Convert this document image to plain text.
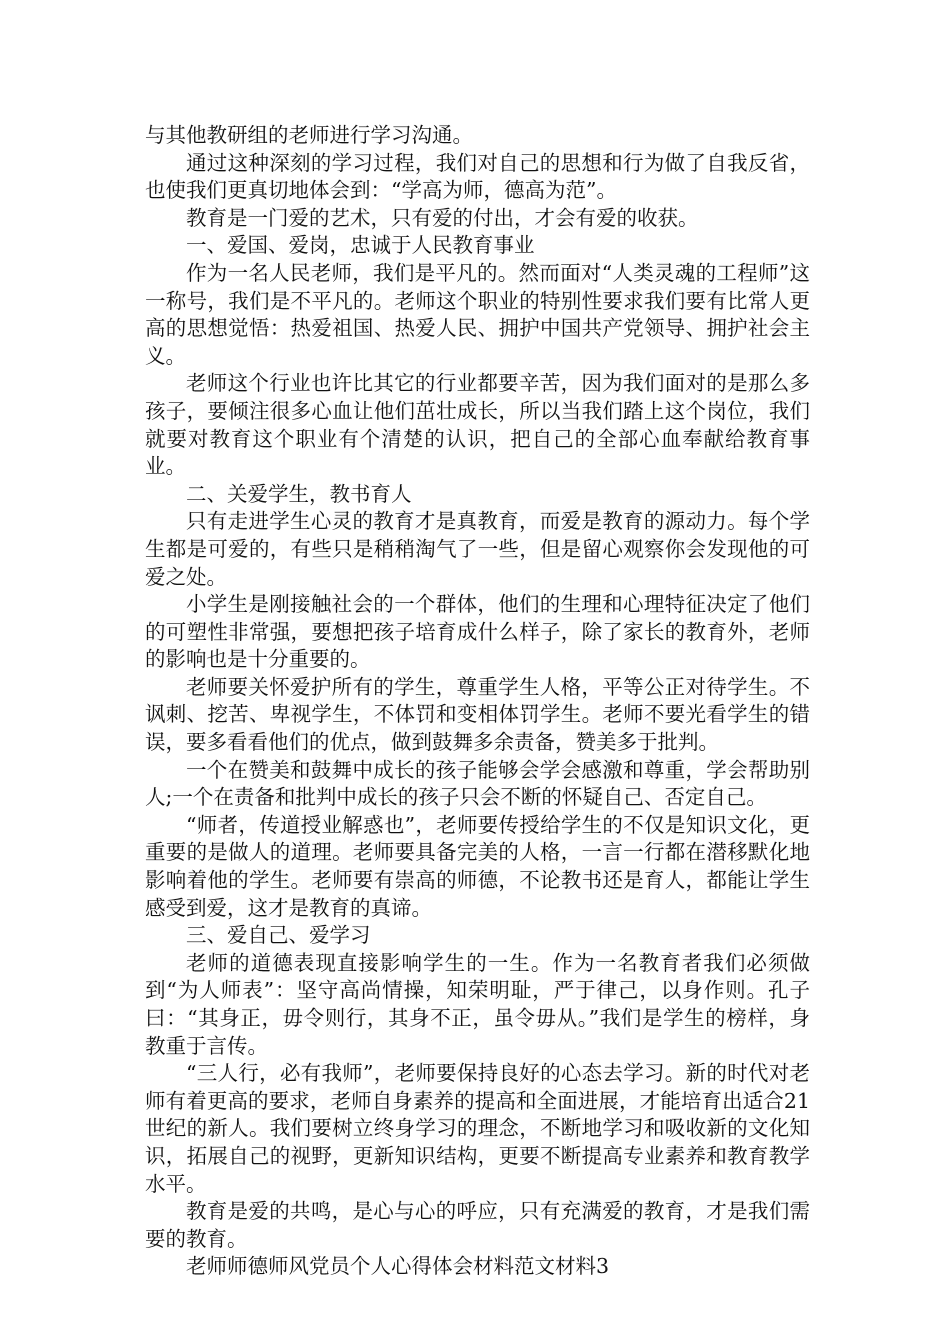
与其他教研组的老师进行学习沟通。

通过这种深刻的学习过程，我们对自己的思想和行为做了自我反省，也使我们更真切地体会到：“学高为师，德高为范”。

教育是一门爱的艺术，只有爱的付出，才会有爱的收获。

一、爱国、爱岗，忠诚于人民教育事业

作为一名人民老师，我们是平凡的。然而面对“人类灵魂的工程师”这一称号，我们是不平凡的。老师这个职业的特别性要求我们要有比常人更高的思想觉悟：热爱祖国、热爱人民、拥护中国共产党领导、拥护社会主义。

老师这个行业也许比其它的行业都要辛苦，因为我们面对的是那么多孩子，要倾注很多心血让他们茁壮成长，所以当我们踏上这个岗位，我们就要对教育这个职业有个清楚的认识，把自己的全部心血奉献给教育事业。

二、关爱学生，教书育人

只有走进学生心灵的教育才是真教育，而爱是教育的源动力。每个学生都是可爱的，有些只是稍稍淘气了一些，但是留心观察你会发现他的可爱之处。

小学生是刚接触社会的一个群体，他们的生理和心理特征决定了他们的可塑性非常强，要想把孩子培育成什么样子，除了家长的教育外，老师的影响也是十分重要的。

老师要关怀爱护所有的学生，尊重学生人格，平等公正对待学生。不讽刺、挖苦、卑视学生，不体罚和变相体罚学生。老师不要光看学生的错误，要多看看他们的优点，做到鼓舞多余责备，赞美多于批判。

一个在赞美和鼓舞中成长的孩子能够会学会感激和尊重，学会帮助别人;一个在责备和批判中成长的孩子只会不断的怀疑自己、否定自己。

“师者，传道授业解惑也”，老师要传授给学生的不仅是知识文化，更重要的是做人的道理。老师要具备完美的人格，一言一行都在潜移默化地影响着他的学生。老师要有崇高的师德，不论教书还是育人，都能让学生感受到爱，这才是教育的真谛。

三、爱自己、爱学习

老师的道德表现直接影响学生的一生。作为一名教育者我们必须做到“为人师表”：坚守高尚情操，知荣明耻，严于律己，以身作则。孔子曰：“其身正，毋令则行，其身不正，虽令毋从。”我们是学生的榜样，身教重于言传。

“三人行，必有我师”，老师要保持良好的心态去学习。新的时代对老师有着更高的要求，老师自身素养的提高和全面进展，才能培育出适合21世纪的新人。我们要树立终身学习的理念，不断地学习和吸收新的文化知识，拓展自己的视野，更新知识结构，更要不断提高专业素养和教育教学水平。

教育是爱的共鸣，是心与心的呼应，只有充满爱的教育，才是我们需要的教育。

老师师德师风党员个人心得体会材料范文材料3
